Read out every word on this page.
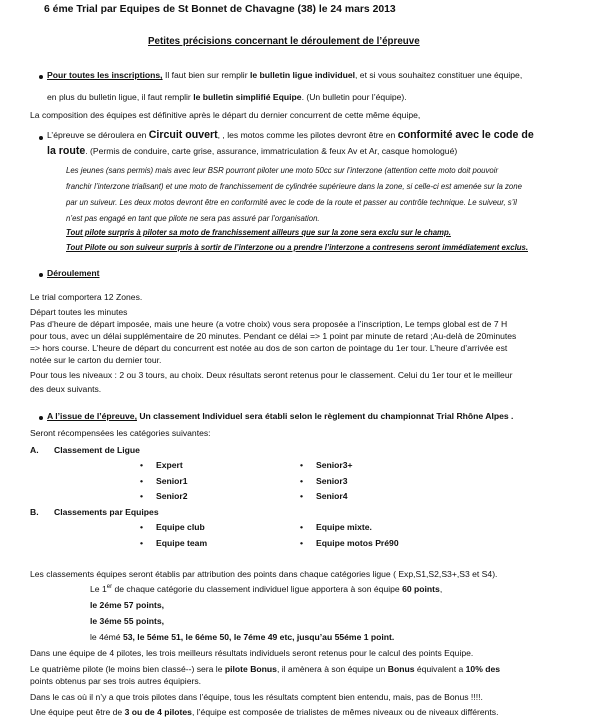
6 éme Trial par Equipes de St Bonnet de Chavagne (38) le 24 mars 2013
Petites précisions concernant le déroulement de l’épreuve
Pour toutes les inscriptions, Il faut bien sur remplir le bulletin ligue individuel, et si vous souhaitez constituer une équipe,
en plus du bulletin ligue, il faut remplir le bulletin simplifié Equipe. (Un bulletin pour l’équipe).
La composition des équipes est définitive après le départ du dernier concurrent de cette même équipe,
L’épreuve se déroulera en Circuit ouvert, , les motos comme les pilotes devront être en conformité avec le code de
la route. (Permis de conduire, carte grise, assurance, immatriculation & feux Av et Ar, casque homologué)
Les jeunes (sans permis) mais avec leur BSR pourront piloter une moto 50cc sur l’interzone (attention cette moto doit pouvoir
franchir l’interzone trialisant) et une moto de franchissement de cylindrée supérieure dans la zone, si celle-ci est amenée sur la zone
par un suiveur. Les deux motos devront être en conformité avec le code de la route et passer au contrôle technique. Le suiveur, s’il
n’est pas engagé en tant que pilote ne sera pas assuré par l’organisation.
Tout pilote surpris à piloter sa moto de franchissement ailleurs que sur la zone sera exclu sur le champ.
Tout Pilote ou son suiveur surpris à sortir de l’interzone ou a prendre l’interzone a contresens seront immédiatement exclus.
Déroulement
Le trial comportera 12 Zones.
Départ toutes les minutes
Pas d’heure de départ imposée, mais une heure (a votre choix) vous sera proposée a l’inscription, Le temps global est de 7 H
pour tous, avec un délai supplémentaire de 20 minutes. Pendant ce délai => 1 point par minute de retard ;Au-delà de 20minutes
=> hors course. L’heure de départ du concurrent est notée au dos de son carton de pointage du 1er tour. L’heure d’arrivée est
notée sur le carton du dernier tour.
Pour tous les niveaux : 2 ou 3 tours, au choix. Deux résultats seront retenus pour le classement. Celui du 1er tour et le meilleur
des deux suivants.
A l’issue de l’épreuve, Un classement Individuel sera établi selon le règlement du championnat Trial Rhône Alpes .
Seront récompensées les catégories suivantes:
A. Classement de Ligue
• Expert
• Senior1
• Senior2
• Senior3+
• Senior3
• Senior4
B. Classements par Equipes
• Equipe club
• Equipe team
• Equipe mixte.
• Equipe motos Pré90
Les classements équipes seront établis par attribution des points dans chaque catégories ligue ( Exp,S1,S2,S3+,S3 et S4).
Le 1er de chaque catégorie du classement individuel ligue apportera à son équipe 60 points,
le 2éme 57 points,
le 3éme 55 points,
le 4émé 53, le 5éme 51, le 6éme 50, le 7éme 49 etc, jusqu’au 55éme 1 point.
Dans une équipe de 4 pilotes, les trois meilleurs résultats individuels seront retenus pour le calcul des points Equipe.
Le quatrième pilote (le moins bien classé--) sera le pilote Bonus, il amènera à son équipe un Bonus équivalent a 10% des
points obtenus par ses trois autres équipiers.
Dans le cas où il n’y a que trois pilotes dans l’équipe, tous les résultats comptent bien entendu, mais, pas de Bonus !!!!.
Une équipe peut être de 3 ou de 4 pilotes, l’équipe est composée de trialistes de mêmes niveaux ou de niveaux différents.
